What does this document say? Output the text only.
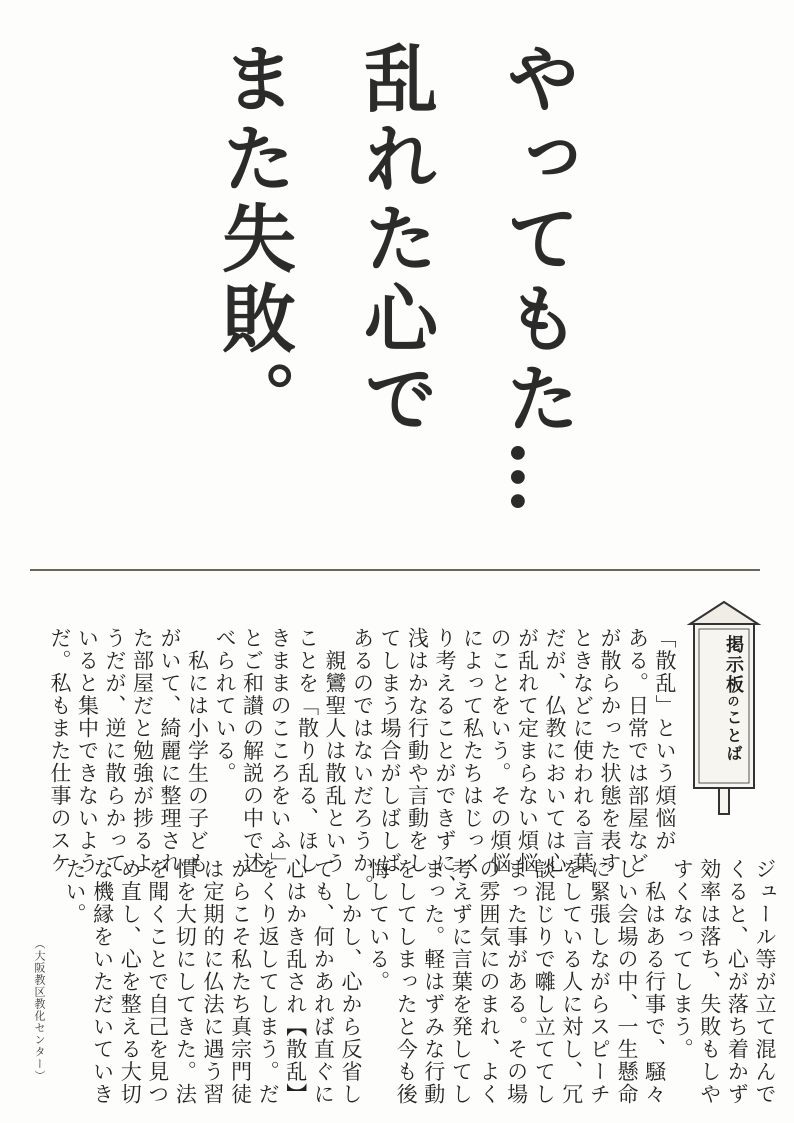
やってもた…
乱れた心で
また失敗。
掲示板のことば
「散乱」という煩悩が
ある。日常では部屋など
が散らかった状態を表す
ときなどに使われる言葉
だが、仏教においては心
が乱れて定まらない煩悩
のことをいう。その煩悩
によって私たちはじっく
り考えることができずに、
浅はかな行動や言動をし
てしまう場合がしばしば
あるのではないだろうか。
　親鸞聖人は散乱という
ことを「散り乱る、ほし
きままのこころをいふ」
とご和讃の解説の中で述
べられている。
　私には小学生の子ども
がいて、綺麗に整理され
た部屋だと勉強が捗るよ
うだが、逆に散らかって
いると集中できないよう
だ。私もまた仕事のスケ
ジュール等が立て混んで
くると、心が落ち着かず
効率は落ち、失敗もしや
すくなってしまう。
　私はある行事で、騒々
しい会場の中、一生懸命
に緊張しながらスピーチ
をしている人に対し、冗
談混じりで囃し立ててし
まった事がある。その場
の雰囲気にのまれ、よく
考えずに言葉を発してし
まった。軽はずみな行動
をしてしまったと今も後
悔している。
　しかし、心から反省し
ても、何かあれば直ぐに
心はかき乱され【散乱】
をくり返してしまう。だ
からこそ私たち真宗門徒
は定期的に仏法に遇う習
慣を大切にしてきた。法
を聞くことで自己を見つ
め直し、心を整える大切
な機縁をいただいていき
たい。
（大阪教区教化センター）
